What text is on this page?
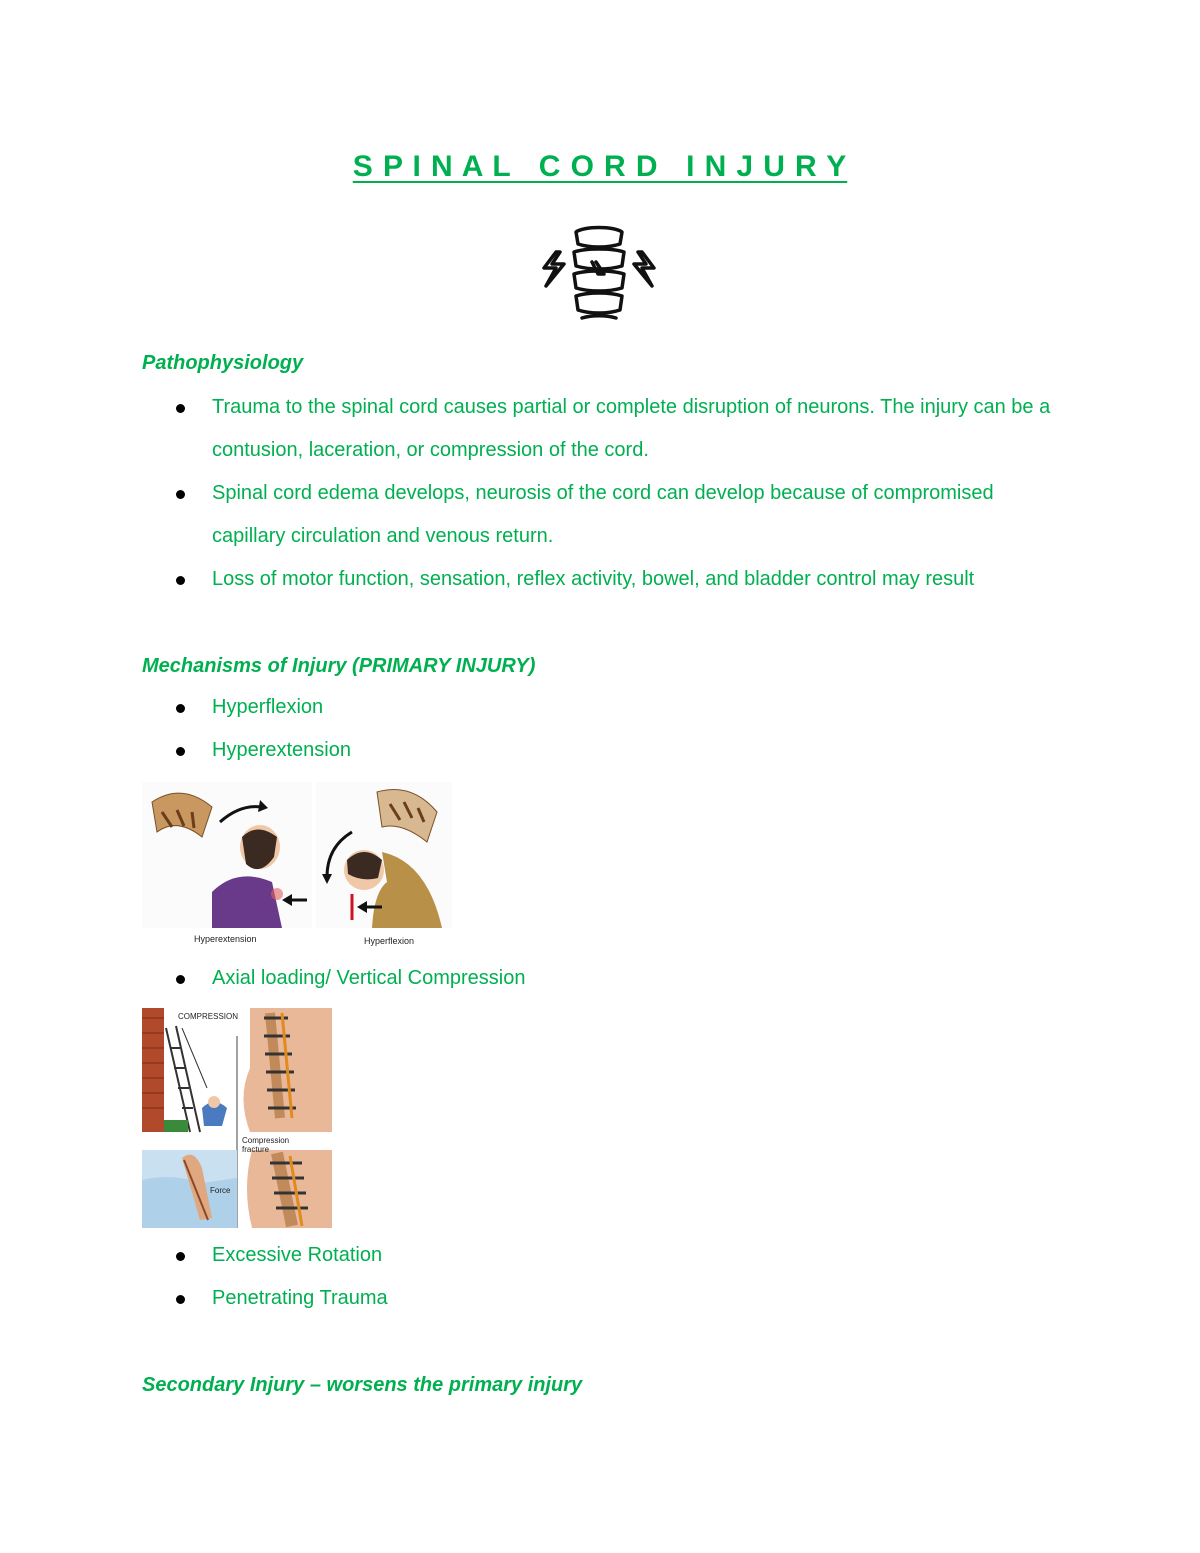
S P I N A L   C O R D   I N J U R Y
Pathophysiology
Trauma to the spinal cord causes partial or complete disruption of neurons. The injury can be a contusion, laceration, or compression of the cord.
Spinal cord edema develops, neurosis of the cord can develop because of compromised capillary circulation and venous return.
Loss of motor function, sensation, reflex activity, bowel, and bladder control may result
Mechanisms of Injury (PRIMARY INJURY)
Hyperflexion
Hyperextension
Hyperextension	Hyperflexion
Axial loading/ Vertical Compression
COMPRESSION
Compression fracture
Force
Excessive Rotation
Penetrating Trauma
Secondary Injury – worsens the primary injury
